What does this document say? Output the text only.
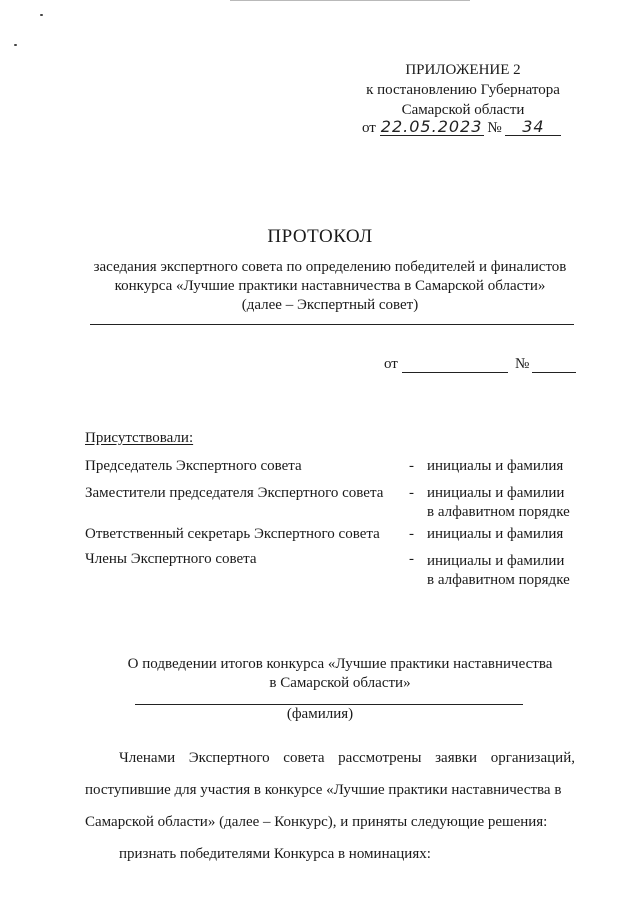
ПРИЛОЖЕНИЕ 2
к постановлению Губернатора
Самарской области
от 22.05.2023 № 34
ПРОТОКОЛ
заседания экспертного совета по определению победителей и финалистов
конкурса «Лучшие практики наставничества в Самарской области»
(далее – Экспертный совет)
от	№
Присутствовали:
Председатель Экспертного совета	- инициалы и фамилия
Заместители председателя Экспертного совета - инициалы и фамилии
в алфавитном порядке
Ответственный секретарь Экспертного совета - инициалы и фамилия
Члены Экспертного совета	- инициалы и фамилии
в алфавитном порядке
О подведении итогов конкурса «Лучшие практики наставничества
в Самарской области»
(фамилия)
Членами Экспертного совета рассмотрены заявки организаций,
поступившие для участия в конкурсе «Лучшие практики наставничества в
Самарской области» (далее – Конкурс), и приняты следующие решения:
признать победителями Конкурса в номинациях:
